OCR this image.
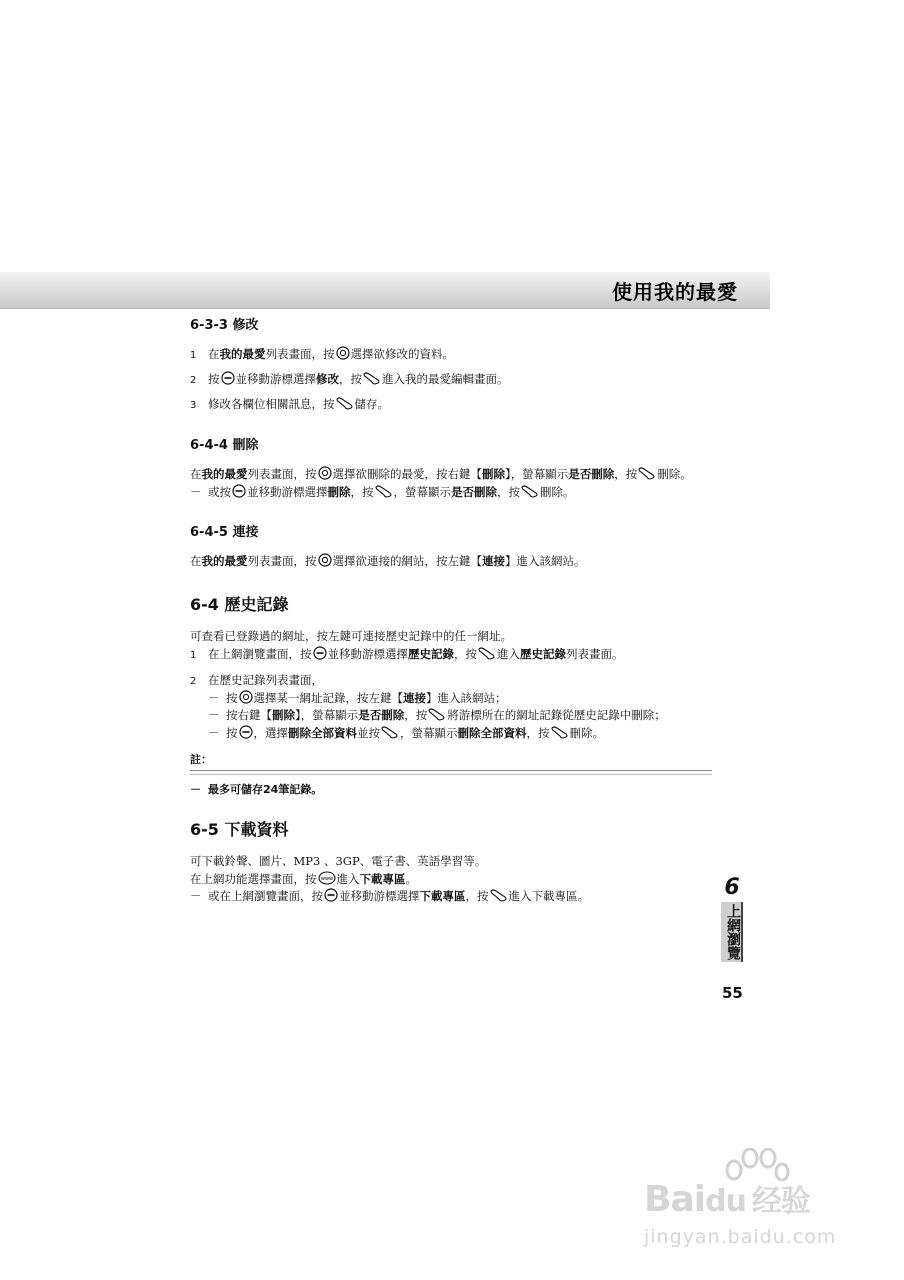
使用我的最愛

6-3-3 修改

1 在我的最愛列表畫面，按 選擇欲修改的資料。

2 按 並移動游標選擇修改，按 進入我的最愛編輯畫面。

3 修改各欄位相關訊息，按 儲存。

6-4-4 刪除

在我的最愛列表畫面，按 選擇欲刪除的最愛，按右鍵【刪除】，螢幕顯示是否刪除，按 刪除。

－ 或按 並移動游標選擇刪除，按 ，螢幕顯示是否刪除，按 刪除。

6-4-5 連接

在我的最愛列表畫面，按 選擇欲連接的網站，按左鍵【連接】進入該網站。

6-4 歷史記錄

可查看已登錄過的網址，按左鍵可連接歷史記錄中的任一網址。

1 在上網瀏覽畫面，按 並移動游標選擇歷史記錄，按 進入歷史記錄列表畫面。

2 在歷史記錄列表畫面，

－ 按 選擇某一網址記錄，按左鍵【連接】進入該網站；

－ 按右鍵【刪除】，螢幕顯示是否刪除，按 將游標所在的網址記錄從歷史記錄中刪除；

－ 按 ，選擇刪除全部資料並按 ，螢幕顯示刪除全部資料，按 刪除。

註：

－ 最多可儲存24筆記錄。

6-5 下載資料

可下載鈴聲、圖片、MP3 、3GP、電子書、英語學習等。

在上網功能選擇畫面，按 進入下載專區。

－ 或在上網瀏覽畫面，按 並移動游標選擇下載專區，按 進入下載專區。	6
上網瀏覽
55
Baidu 经验
jingyan.baidu.com
